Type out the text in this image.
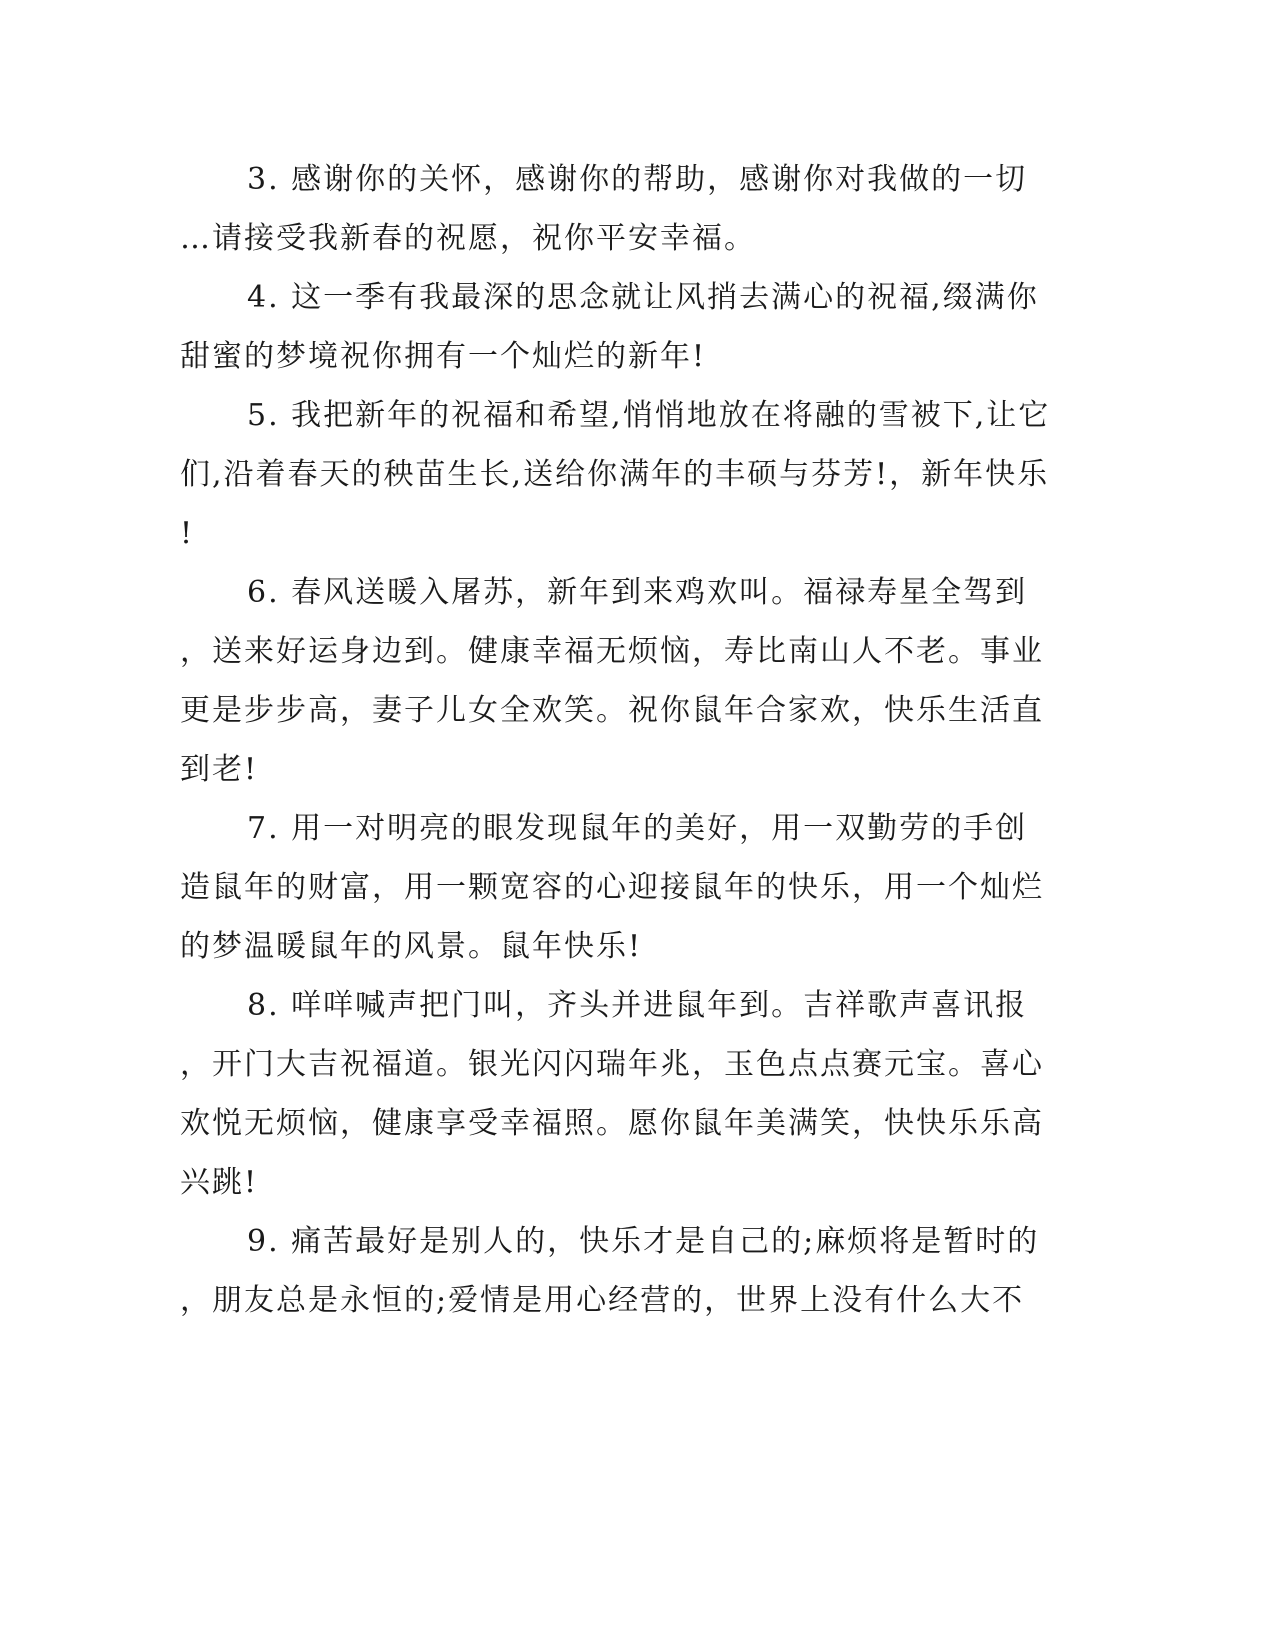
3. 感谢你的关怀，感谢你的帮助，感谢你对我做的一切
…请接受我新春的祝愿，祝你平安幸福。
4. 这一季有我最深的思念就让风捎去满心的祝福,缀满你
甜蜜的梦境祝你拥有一个灿烂的新年!
5. 我把新年的祝福和希望,悄悄地放在将融的雪被下,让它
们,沿着春天的秧苗生长,送给你满年的丰硕与芬芳!，新年快乐
!
6. 春风送暖入屠苏，新年到来鸡欢叫。福禄寿星全驾到
，送来好运身边到。健康幸福无烦恼，寿比南山人不老。事业
更是步步高，妻子儿女全欢笑。祝你鼠年合家欢，快乐生活直
到老!
7. 用一对明亮的眼发现鼠年的美好，用一双勤劳的手创
造鼠年的财富，用一颗宽容的心迎接鼠年的快乐，用一个灿烂
的梦温暖鼠年的风景。鼠年快乐!
8. 咩咩喊声把门叫，齐头并进鼠年到。吉祥歌声喜讯报
，开门大吉祝福道。银光闪闪瑞年兆，玉色点点赛元宝。喜心
欢悦无烦恼，健康享受幸福照。愿你鼠年美满笑，快快乐乐高
兴跳!
9. 痛苦最好是别人的，快乐才是自己的;麻烦将是暂时的
，朋友总是永恒的;爱情是用心经营的，世界上没有什么大不
